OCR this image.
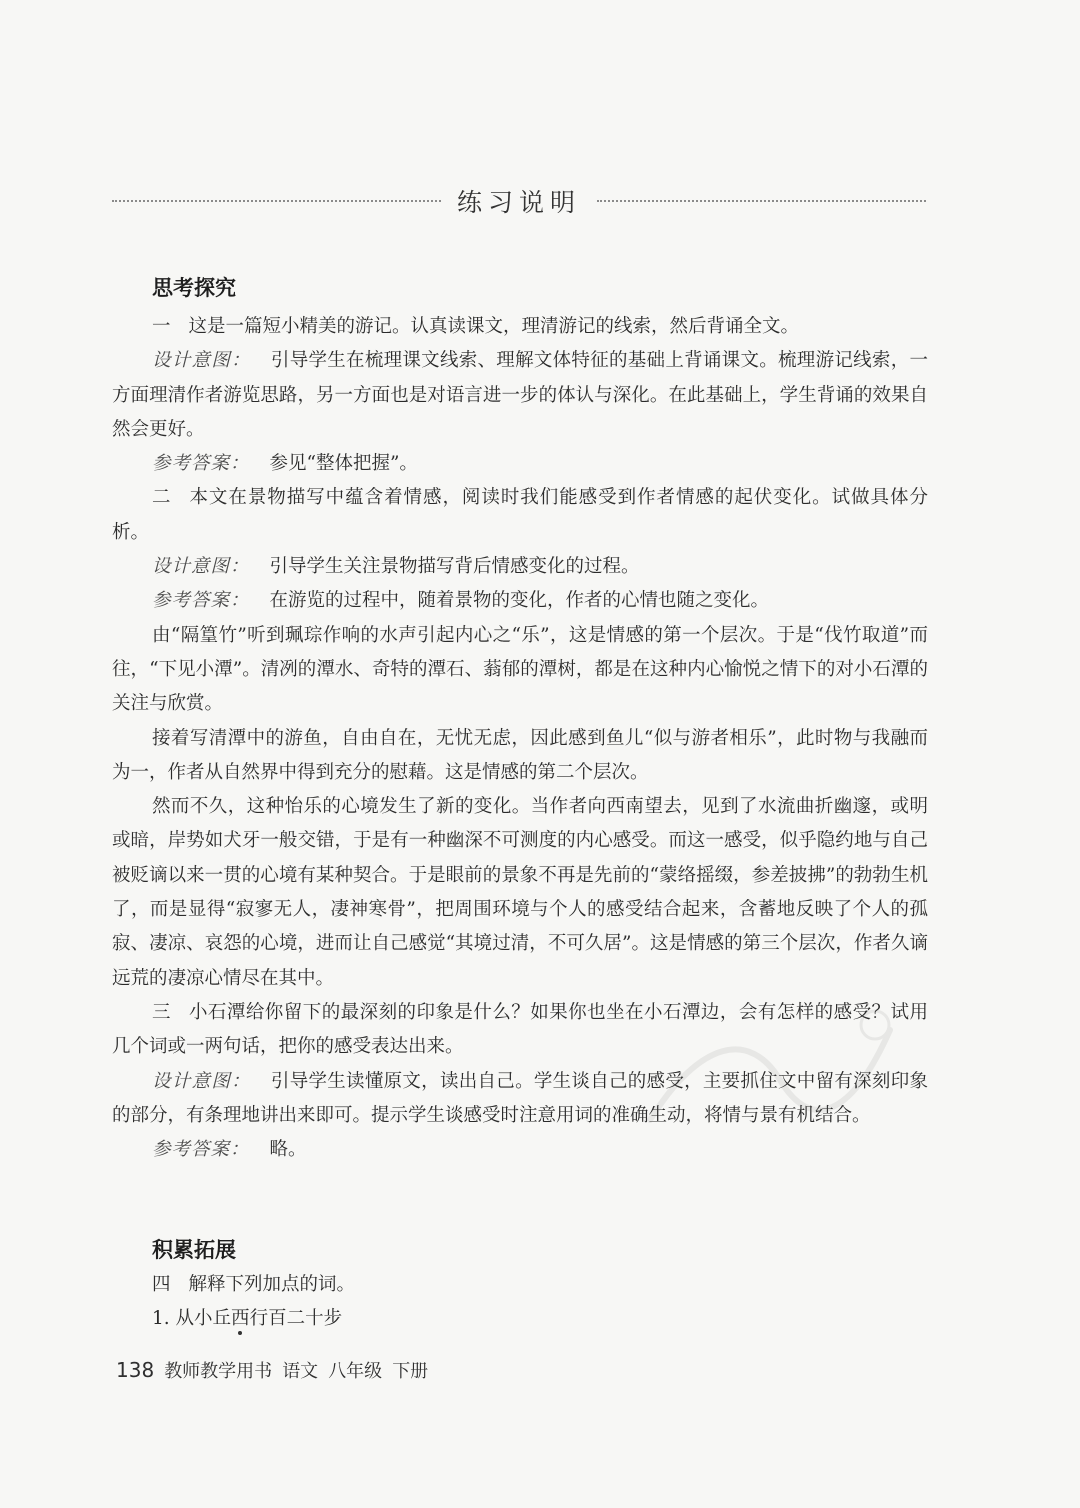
练习说明
思考探究

一 这是一篇短小精美的游记。认真读课文，理清游记的线索，然后背诵全文。

设计意图： 引导学生在梳理课文线索、理解文体特征的基础上背诵课文。梳理游记线索，一方面理清作者游览思路，另一方面也是对语言进一步的体认与深化。在此基础上，学生背诵的效果自然会更好。

参考答案： 参见“整体把握”。

二 本文在景物描写中蕴含着情感，阅读时我们能感受到作者情感的起伏变化。试做具体分析。

设计意图： 引导学生关注景物描写背后情感变化的过程。

参考答案： 在游览的过程中，随着景物的变化，作者的心情也随之变化。

由“隔篁竹”听到珮琮作响的水声引起内心之“乐”，这是情感的第一个层次。于是“伐竹取道”而往，“下见小潭”。清冽的潭水、奇特的潭石、蓊郁的潭树，都是在这种内心愉悦之情下的对小石潭的关注与欣赏。

接着写清潭中的游鱼，自由自在，无忧无虑，因此感到鱼儿“似与游者相乐”，此时物与我融而为一，作者从自然界中得到充分的慰藉。这是情感的第二个层次。

然而不久，这种怡乐的心境发生了新的变化。当作者向西南望去，见到了水流曲折幽邃，或明或暗，岸势如犬牙一般交错，于是有一种幽深不可测度的内心感受。而这一感受，似乎隐约地与自己被贬谪以来一贯的心境有某种契合。于是眼前的景象不再是先前的“蒙络摇缀，参差披拂”的勃勃生机了，而是显得“寂寥无人，凄神寒骨”，把周围环境与个人的感受结合起来，含蓄地反映了个人的孤寂、凄凉、哀怨的心境，进而让自己感觉“其境过清，不可久居”。这是情感的第三个层次，作者久谪远荒的凄凉心情尽在其中。

三 小石潭给你留下的最深刻的印象是什么？如果你也坐在小石潭边，会有怎样的感受？试用几个词或一两句话，把你的感受表达出来。

设计意图： 引导学生读懂原文，读出自己。学生谈自己的感受，主要抓住文中留有深刻印象的部分，有条理地讲出来即可。提示学生谈感受时注意用词的准确生动，将情与景有机结合。

参考答案： 略。

积累拓展

四 解释下列加点的词。

1. 从小丘西行百二十步

138 教师教学用书 语文 八年级 下册
